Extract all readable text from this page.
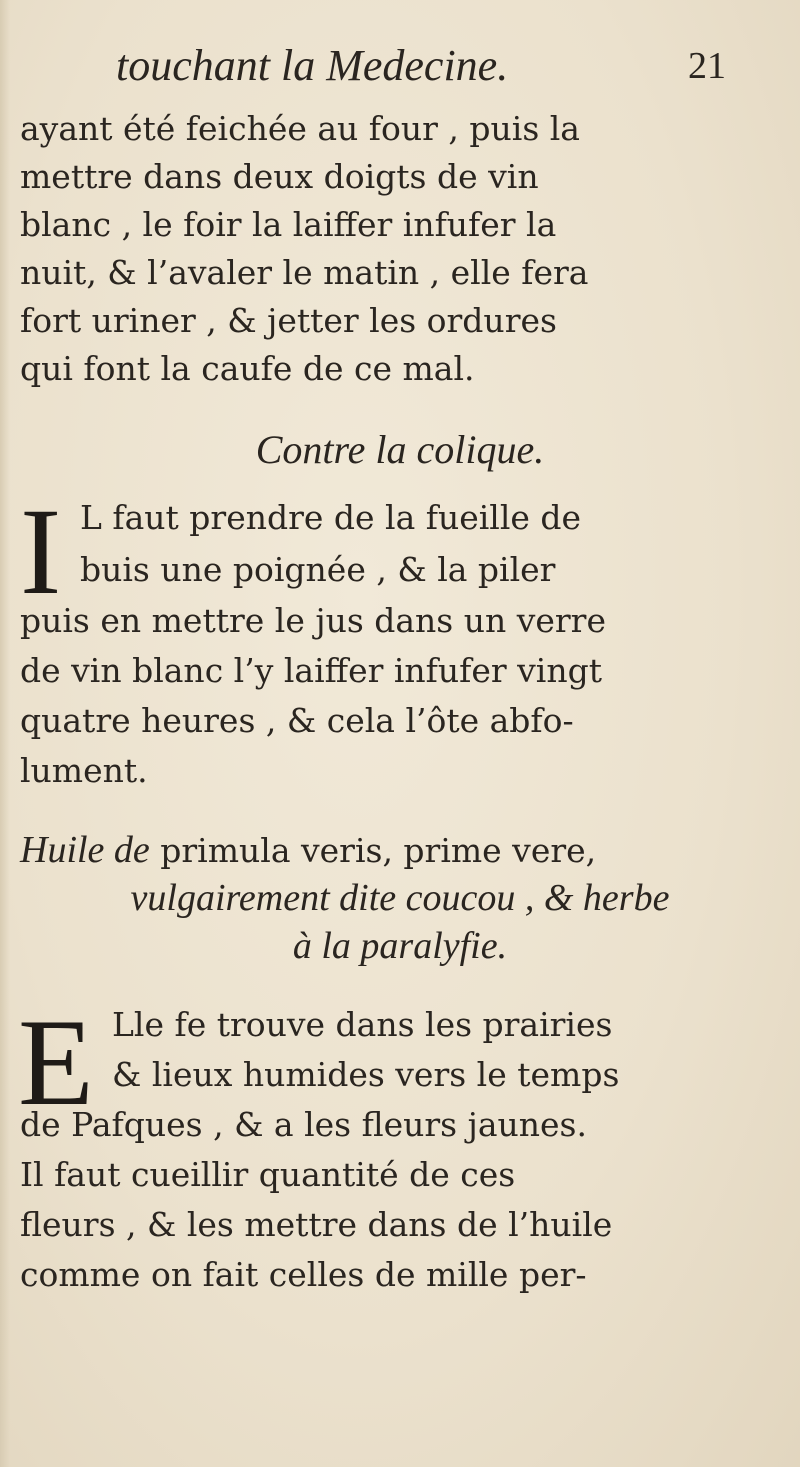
touchant la Medecine.	21
ayant été feichée au four , puis la
mettre dans deux doigts de vin
blanc , le foir la laiffer infufer la
nuit, & l’avaler le matin , elle fera
fort uriner , & jetter les ordures
qui font la caufe de ce mal.
Contre la colique.
I L faut prendre de la fueille de
buis une poignée , & la piler
puis en mettre le jus dans un verre
de vin blanc l’y laiffer infufer vingt
quatre heures , & cela l’ôte abfo-
lument.
Huile de primula veris, prime vere,
vulgairement dite coucou , & herbe
à la paralyfie.
E Lle fe trouve dans les prairies
& lieux humides vers le temps
de Pafques , & a les fleurs jaunes.
Il faut cueillir quantité de ces
fleurs , & les mettre dans de l’huile
comme on fait celles de mille per-
